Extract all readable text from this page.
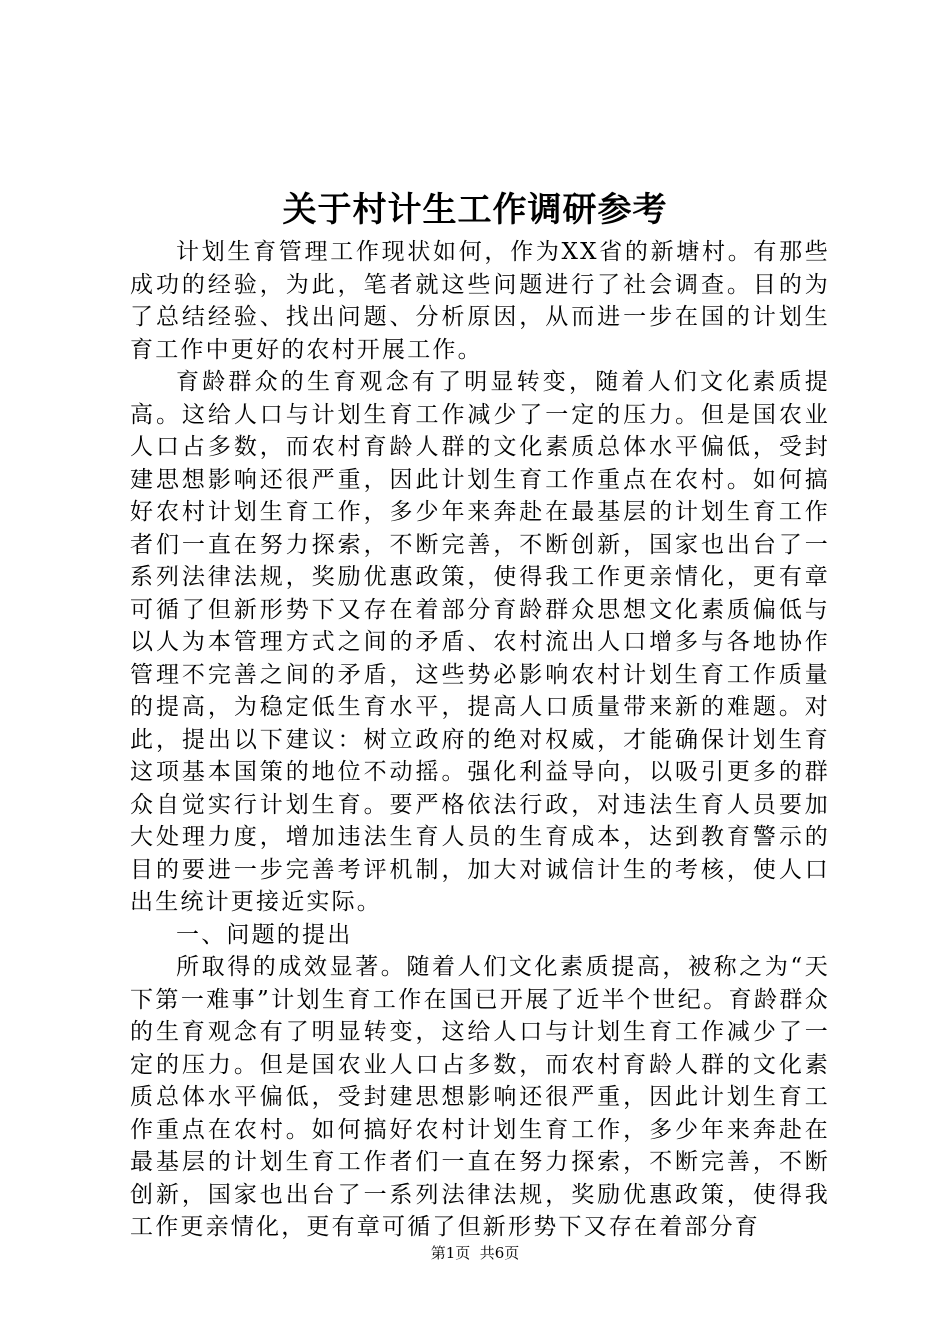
关于村计生工作调研参考

计划生育管理工作现状如何，作为XX省的新塘村。有那些成功的经验，为此，笔者就这些问题进行了社会调查。目的为了总结经验、找出问题、分析原因，从而进一步在国的计划生育工作中更好的农村开展工作。

育龄群众的生育观念有了明显转变，随着人们文化素质提高。这给人口与计划生育工作减少了一定的压力。但是国农业人口占多数，而农村育龄人群的文化素质总体水平偏低，受封建思想影响还很严重，因此计划生育工作重点在农村。如何搞好农村计划生育工作，多少年来奔赴在最基层的计划生育工作者们一直在努力探索，不断完善，不断创新，国家也出台了一系列法律法规，奖励优惠政策，使得我工作更亲情化，更有章可循了但新形势下又存在着部分育龄群众思想文化素质偏低与以人为本管理方式之间的矛盾、农村流出人口增多与各地协作管理不完善之间的矛盾，这些势必影响农村计划生育工作质量的提高，为稳定低生育水平，提高人口质量带来新的难题。对此，提出以下建议：树立政府的绝对权威，才能确保计划生育这项基本国策的地位不动摇。强化利益导向，以吸引更多的群众自觉实行计划生育。要严格依法行政，对违法生育人员要加大处理力度，增加违法生育人员的生育成本，达到教育警示的目的要进一步完善考评机制，加大对诚信计生的考核，使人口出生统计更接近实际。

一、问题的提出

所取得的成效显著。随着人们文化素质提高，被称之为“天下第一难事”计划生育工作在国已开展了近半个世纪。育龄群众的生育观念有了明显转变，这给人口与计划生育工作减少了一定的压力。但是国农业人口占多数，而农村育龄人群的文化素质总体水平偏低，受封建思想影响还很严重，因此计划生育工作重点在农村。如何搞好农村计划生育工作，多少年来奔赴在最基层的计划生育工作者们一直在努力探索，不断完善，不断创新，国家也出台了一系列法律法规，奖励优惠政策，使得我工作更亲情化，更有章可循了但新形势下又存在着部分育

第1页  共6页
